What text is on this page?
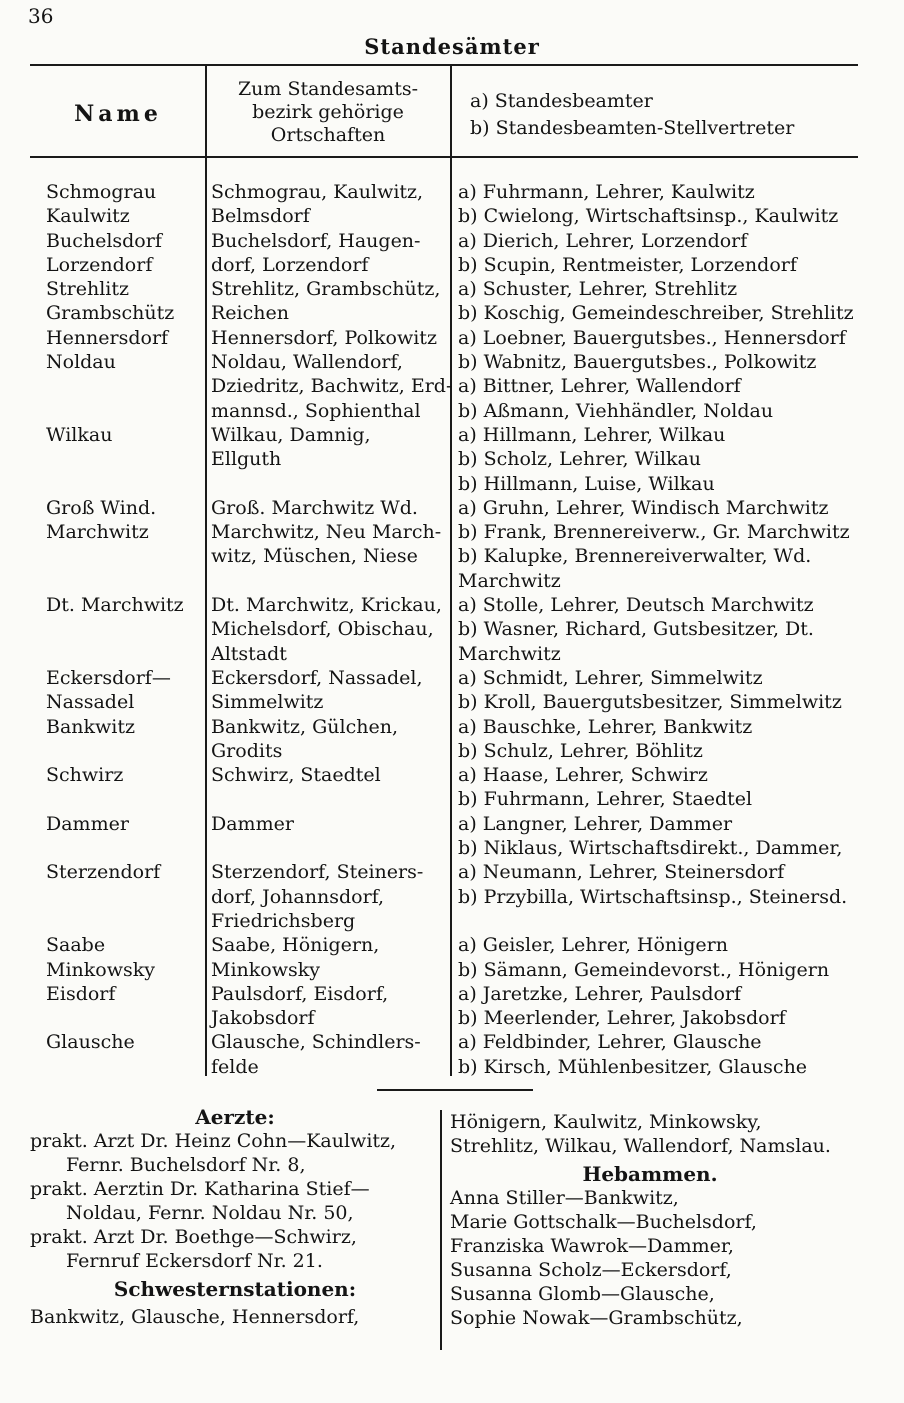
36
Standesämter
Name
Zum Standesamts-
bezirk gehörige
Ortschaften
a) Standesbeamter
b) Standesbeamten-Stellvertreter
Schmograu
Kaulwitz
Buchelsdorf
Lorzendorf
Strehlitz
Grambschütz
Hennersdorf
Noldau
Wilkau
Groß Wind.
Marchwitz
Dt. Marchwitz
Eckersdorf—
Nassadel
Bankwitz
Schwirz
Dammer
Sterzendorf
Saabe
Minkowsky
Eisdorf
Glausche
Schmograu, Kaulwitz,
Belmsdorf
Buchelsdorf, Haugen-
dorf, Lorzendorf
Strehlitz, Grambschütz,
Reichen
Hennersdorf, Polkowitz
Noldau, Wallendorf,
Dziedritz, Bachwitz, Erd-
mannsd., Sophienthal
Wilkau, Damnig,
Ellguth
Groß. Marchwitz Wd.
Marchwitz, Neu March-
witz, Müschen, Niese
Dt. Marchwitz, Krickau,
Michelsdorf, Obischau,
Altstadt
Eckersdorf, Nassadel,
Simmelwitz
Bankwitz, Gülchen,
Grodits
Schwirz, Staedtel
Dammer
Sterzendorf, Steiners-
dorf, Johannsdorf,
Friedrichsberg
Saabe, Hönigern,
Minkowsky
Paulsdorf, Eisdorf,
Jakobsdorf
Glausche, Schindlers-
felde
a) Fuhrmann, Lehrer, Kaulwitz
b) Cwielong, Wirtschaftsinsp., Kaulwitz
a) Dierich, Lehrer, Lorzendorf
b) Scupin, Rentmeister, Lorzendorf
a) Schuster, Lehrer, Strehlitz
b) Koschig, Gemeindeschreiber, Strehlitz
a) Loebner, Bauergutsbes., Hennersdorf
b) Wabnitz, Bauergutsbes., Polkowitz
a) Bittner, Lehrer, Wallendorf
b) Aßmann, Viehhändler, Noldau
a) Hillmann, Lehrer, Wilkau
b) Scholz, Lehrer, Wilkau
b) Hillmann, Luise, Wilkau
a) Gruhn, Lehrer, Windisch Marchwitz
b) Frank, Brennereiverw., Gr. Marchwitz
b) Kalupke, Brennereiverwalter, Wd.
Marchwitz
a) Stolle, Lehrer, Deutsch Marchwitz
b) Wasner, Richard, Gutsbesitzer, Dt.
Marchwitz
a) Schmidt, Lehrer, Simmelwitz
b) Kroll, Bauergutsbesitzer, Simmelwitz
a) Bauschke, Lehrer, Bankwitz
b) Schulz, Lehrer, Böhlitz
a) Haase, Lehrer, Schwirz
b) Fuhrmann, Lehrer, Staedtel
a) Langner, Lehrer, Dammer
b) Niklaus, Wirtschaftsdirekt., Dammer,
a) Neumann, Lehrer, Steinersdorf
b) Przybilla, Wirtschaftsinsp., Steinersd.
a) Geisler, Lehrer, Hönigern
b) Sämann, Gemeindevorst., Hönigern
a) Jaretzke, Lehrer, Paulsdorf
b) Meerlender, Lehrer, Jakobsdorf
a) Feldbinder, Lehrer, Glausche
b) Kirsch, Mühlenbesitzer, Glausche
Aerzte:
prakt. Arzt Dr. Heinz Cohn—Kaulwitz,
Fernr. Buchelsdorf Nr. 8,
prakt. Aerztin Dr. Katharina Stief—
Noldau, Fernr. Noldau Nr. 50,
prakt. Arzt Dr. Boethge—Schwirz,
Fernruf Eckersdorf Nr. 21.
Schwesternstationen:
Bankwitz, Glausche, Hennersdorf,
Hönigern, Kaulwitz, Minkowsky,
Strehlitz, Wilkau, Wallendorf, Namslau.
Hebammen.
Anna Stiller—Bankwitz,
Marie Gottschalk—Buchelsdorf,
Franziska Wawrok—Dammer,
Susanna Scholz—Eckersdorf,
Susanna Glomb—Glausche,
Sophie Nowak—Grambschütz,
